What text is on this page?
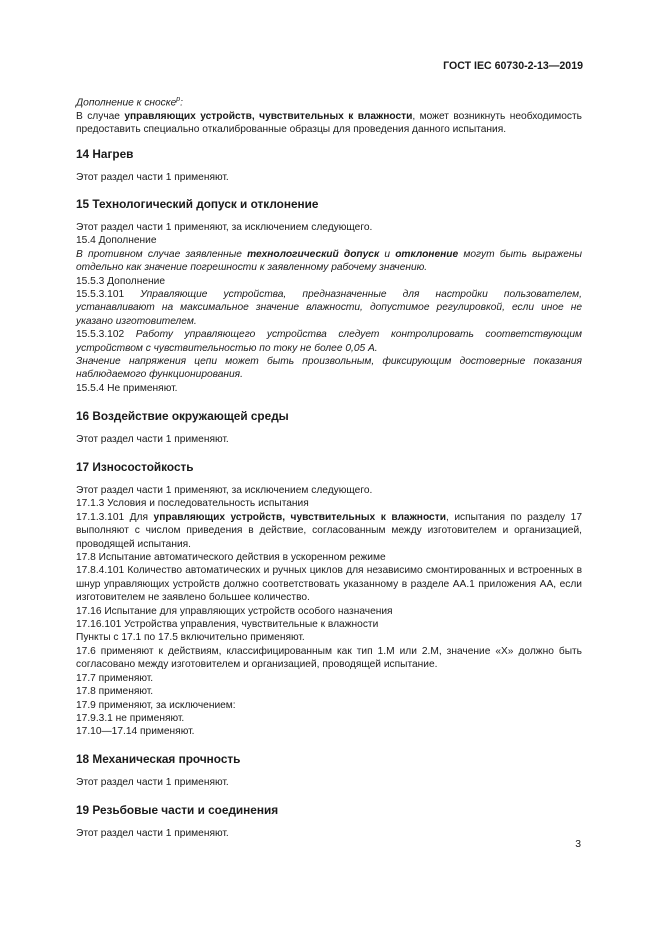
ГОСТ IEC 60730-2-13—2019

Дополнение к сноске$^р$:

В случае управляющих устройств, чувствительных к влажности, может возникнуть необходимость предоставить специально откалиброванные образцы для проведения данного испытания.

14 Нагрев

Этот раздел части 1 применяют.

15 Технологический допуск и отклонение

Этот раздел части 1 применяют, за исключением следующего.

15.4 Дополнение

В противном случае заявленные технологический допуск и отклонение могут быть выражены отдельно как значение погрешности к заявленному рабочему значению.

15.5.3 Дополнение

15.5.3.101 Управляющие устройства, предназначенные для настройки пользователем, устанавливают на максимальное значение влажности, допустимое регулировкой, если иное не указано изготовителем.

15.5.3.102 Работу управляющего устройства следует контролировать соответствующим устройством с чувствительностью по току не более 0,05 А.

Значение напряжения цепи может быть произвольным, фиксирующим достоверные показания наблюдаемого функционирования.

15.5.4 Не применяют.

16 Воздействие окружающей среды

Этот раздел части 1 применяют.

17 Износостойкость

Этот раздел части 1 применяют, за исключением следующего.

17.1.3 Условия и последовательность испытания

17.1.3.101 Для управляющих устройств, чувствительных к влажности, испытания по разделу 17 выполняют с числом приведения в действие, согласованным между изготовителем и организацией, проводящей испытания.

17.8 Испытание автоматического действия в ускоренном режиме

17.8.4.101 Количество автоматических и ручных циклов для независимо смонтированных и встроенных в шнур управляющих устройств должно соответствовать указанному в разделе АА.1 приложения АА, если изготовителем не заявлено большее количество.

17.16 Испытание для управляющих устройств особого назначения

17.16.101 Устройства управления, чувствительные к влажности

Пункты с 17.1 по 17.5 включительно применяют.

17.6 применяют к действиям, классифицированным как тип 1.М или 2.М, значение «Х» должно быть согласовано между изготовителем и организацией, проводящей испытание.

17.7 применяют.

17.8 применяют.

17.9 применяют, за исключением:

17.9.3.1 не применяют.

17.10—17.14 применяют.

18 Механическая прочность

Этот раздел части 1 применяют.

19 Резьбовые части и соединения

Этот раздел части 1 применяют.

3
